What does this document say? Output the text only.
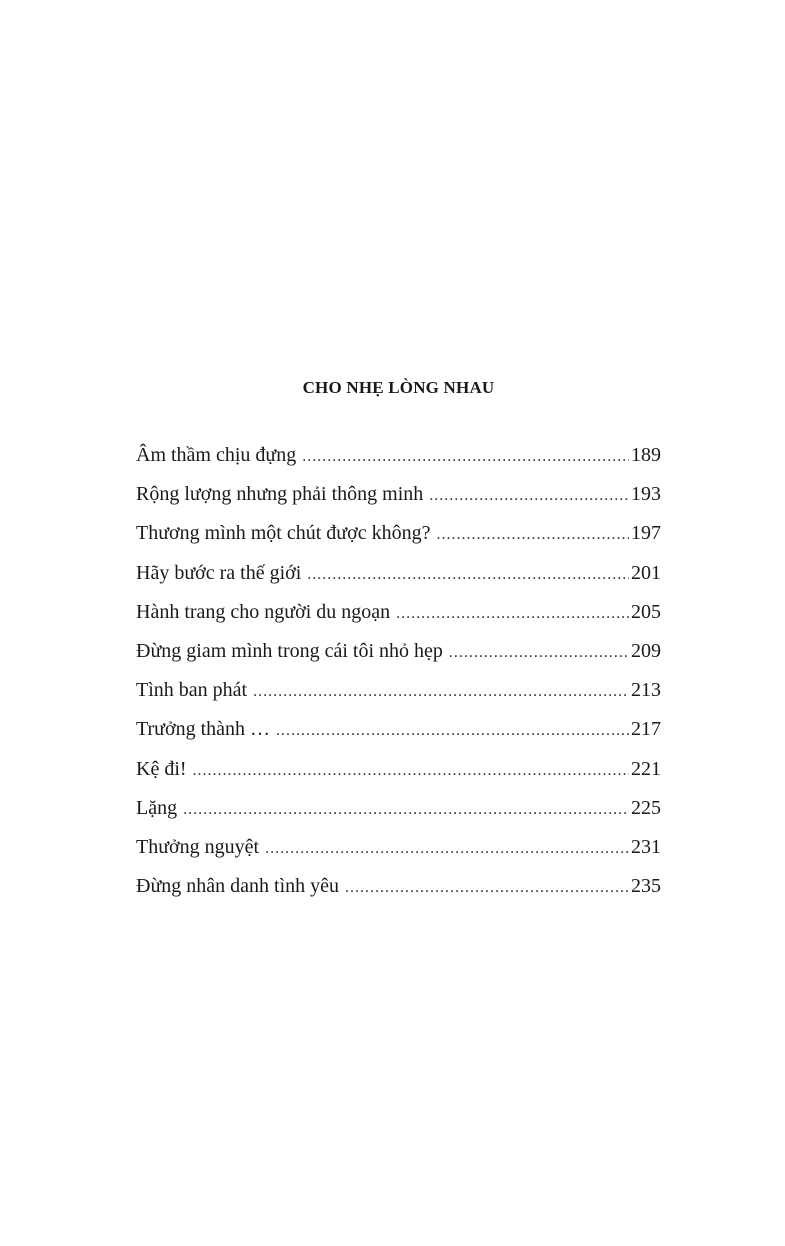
CHO NHẸ LÒNG NHAU
Âm thầm chịu đựng .....	189
Rộng lượng nhưng phải thông minh .....	193
Thương mình một chút được không? .....	197
Hãy bước ra thế giới .....	201
Hành trang cho người du ngoạn .....	205
Đừng giam mình trong cái tôi nhỏ hẹp .....	209
Tình ban phát .....	213
Trưởng thành … .....	217
Kệ đi! .....	221
Lặng .....	225
Thưởng nguyệt .....	231
Đừng nhân danh tình yêu .....	235
